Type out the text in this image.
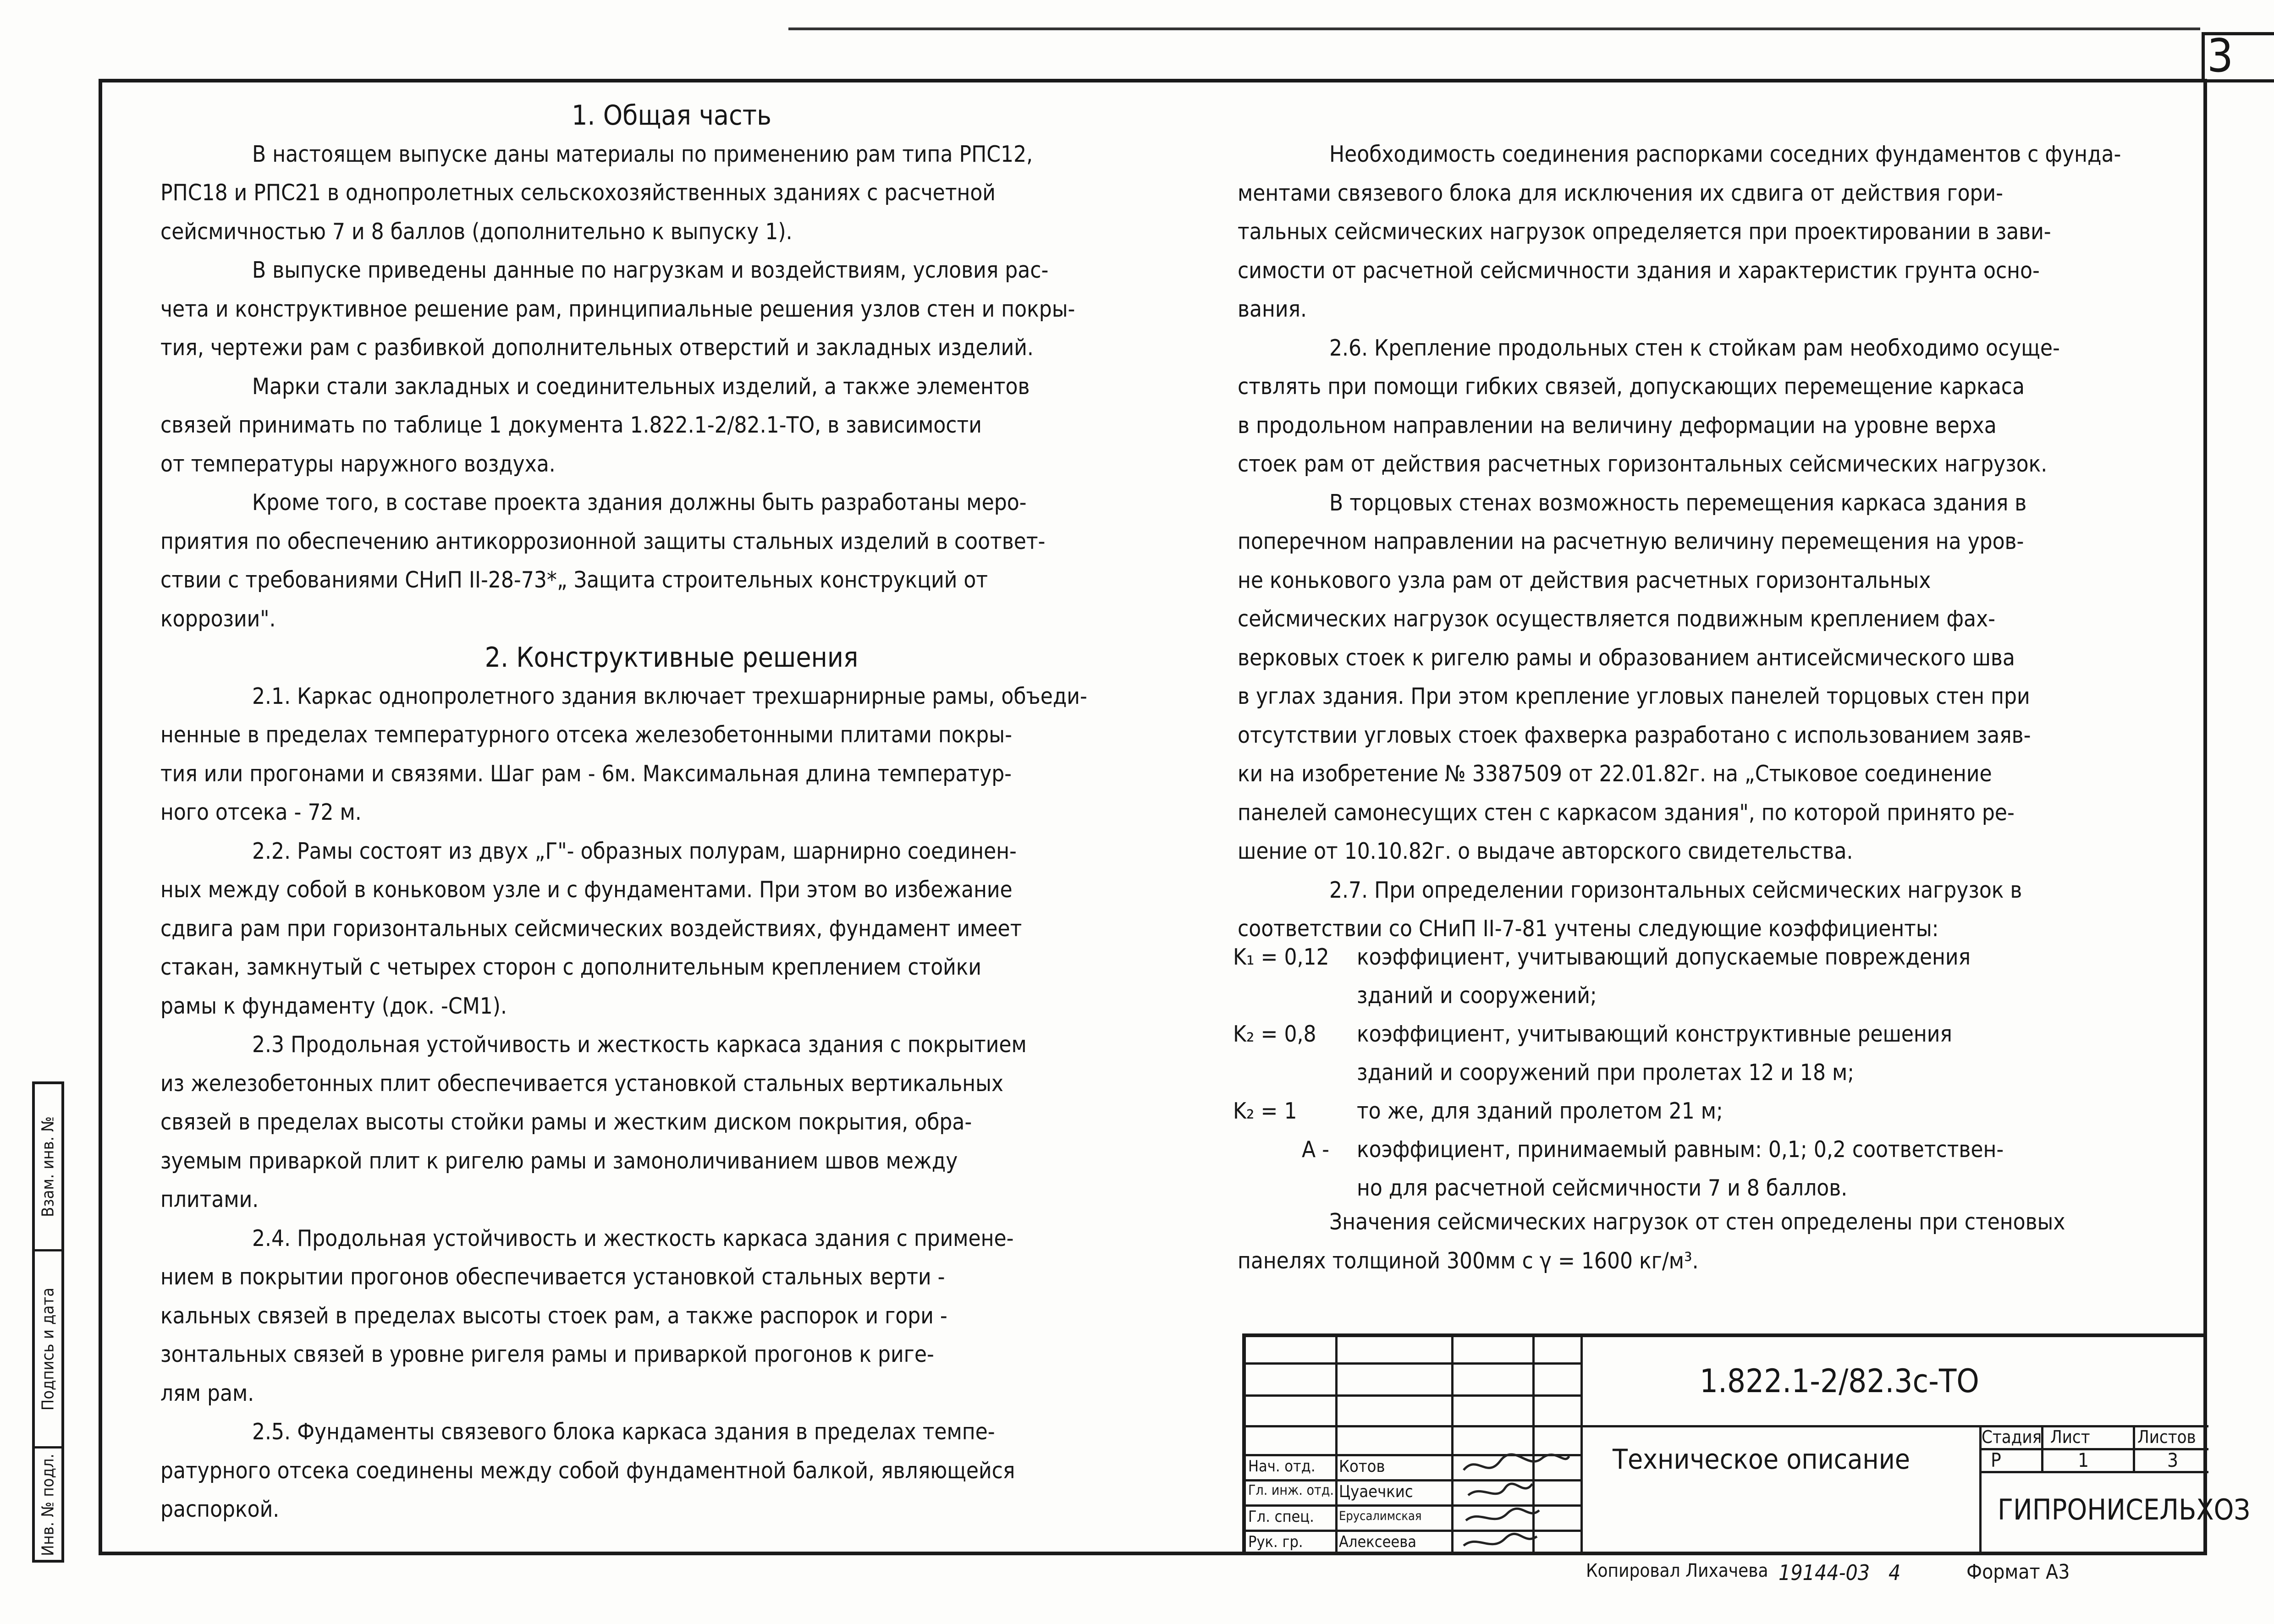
3
1. Общая часть
В настоящем выпуске даны материалы по применению рам типа РПС12,
РПС18 и РПС21 в однопролетных сельскохозяйственных зданиях с расчетной
сейсмичностью 7 и 8 баллов (дополнительно к выпуску 1).
В выпуске приведены данные по нагрузкам и воздействиям, условия рас-
чета и конструктивное решение рам, принципиальные решения узлов стен и покры-
тия, чертежи рам с разбивкой дополнительных отверстий и закладных изделий.
Марки стали закладных и соединительных изделий, а также элементов
связей принимать по таблице 1 документа 1.822.1-2/82.1-ТО, в зависимости
от температуры наружного воздуха.
Кроме того, в составе проекта здания должны быть разработаны меро-
приятия по обеспечению антикоррозионной защиты стальных изделий в соответ-
ствии с требованиями СНиП II-28-73*„ Защита строительных конструкций от
коррозии".
2. Конструктивные решения
2.1. Каркас однопролетного здания включает трехшарнирные рамы, объеди-
ненные в пределах температурного отсека железобетонными плитами покры-
тия или прогонами и связями. Шаг рам - 6м. Максимальная длина температур-
ного отсека - 72 м.
2.2. Рамы состоят из двух „Г"- образных полурам, шарнирно соединен-
ных между собой в коньковом узле и с фундаментами. При этом во избежание
сдвига рам при горизонтальных сейсмических воздействиях, фундамент имеет
стакан, замкнутый с четырех сторон с дополнительным креплением стойки
рамы к фундаменту (док. -СМ1).
2.3 Продольная устойчивость и жесткость каркаса здания с покрытием
из железобетонных плит обеспечивается установкой стальных вертикальных
связей в пределах высоты стойки рамы и жестким диском покрытия, обра-
зуемым приваркой плит к ригелю рамы и замоноличиванием швов между
плитами.
2.4. Продольная устойчивость и жесткость каркаса здания с примене-
нием в покрытии прогонов обеспечивается установкой стальных верти -
кальных связей в пределах высоты стоек рам, а также распорок и гори -
зонтальных связей в уровне ригеля рамы и приваркой прогонов к риге-
лям рам.
2.5. Фундаменты связевого блока каркаса здания в пределах темпе-
ратурного отсека соединены между собой фундаментной балкой, являющейся
распоркой.
Необходимость соединения распорками соседних фундаментов с фунда-
ментами связевого блока для исключения их сдвига от действия гори-
тальных сейсмических нагрузок определяется при проектировании в зави-
симости от расчетной сейсмичности здания и характеристик грунта осно-
вания.
2.6. Крепление продольных стен к стойкам рам необходимо осуще-
ствлять при помощи гибких связей, допускающих перемещение каркаса
в продольном направлении на величину деформации на уровне верха
стоек рам от действия расчетных горизонтальных сейсмических нагрузок.
В торцовых стенах возможность перемещения каркаса здания в
поперечном направлении на расчетную величину перемещения на уров-
не конькового узла рам от действия расчетных горизонтальных
сейсмических нагрузок осуществляется подвижным креплением фах-
верковых стоек к ригелю рамы и образованием антисейсмического шва
в углах здания. При этом крепление угловых панелей торцовых стен при
отсутствии угловых стоек фахверка разработано с использованием заяв-
ки на изобретение № 3387509 от 22.01.82г. на „Стыковое соединение
панелей самонесущих стен с каркасом здания", по которой принято ре-
шение от 10.10.82г. о выдаче авторского свидетельства.
2.7. При определении горизонтальных сейсмических нагрузок в
соответствии со СНиП II-7-81 учтены следующие коэффициенты:
K₁ = 0,12 коэффициент, учитывающий допускаемые повреждения
зданий и сооружений;
K₂ = 0,8 коэффициент, учитывающий конструктивные решения
зданий и сооружений при пролетах 12 и 18 м;
K₂ = 1	то же, для зданий пролетом 21 м;
A - коэффициент, принимаемый равным: 0,1; 0,2 соответствен-
но для расчетной сейсмичности 7 и 8 баллов.
Значения сейсмических нагрузок от стен определены при стеновых
панелях толщиной 300мм с γ = 1600 кг/м³.
Взам. инв. №
Подпись и дата
Инв. № подл.
1.822.1-2/82.3с-ТО
Техническое описание
Стадия Лист	Листов
Р	1	3
ГИПРОНИСЕЛЬХОЗ
Нач. отд. Котов
Гл. инж. отд. Цуаечкис
Гл. спец. Ерусалимская
Рук. гр. Алексеева
Копировал Лихачева 19144-03 4	Формат А3
